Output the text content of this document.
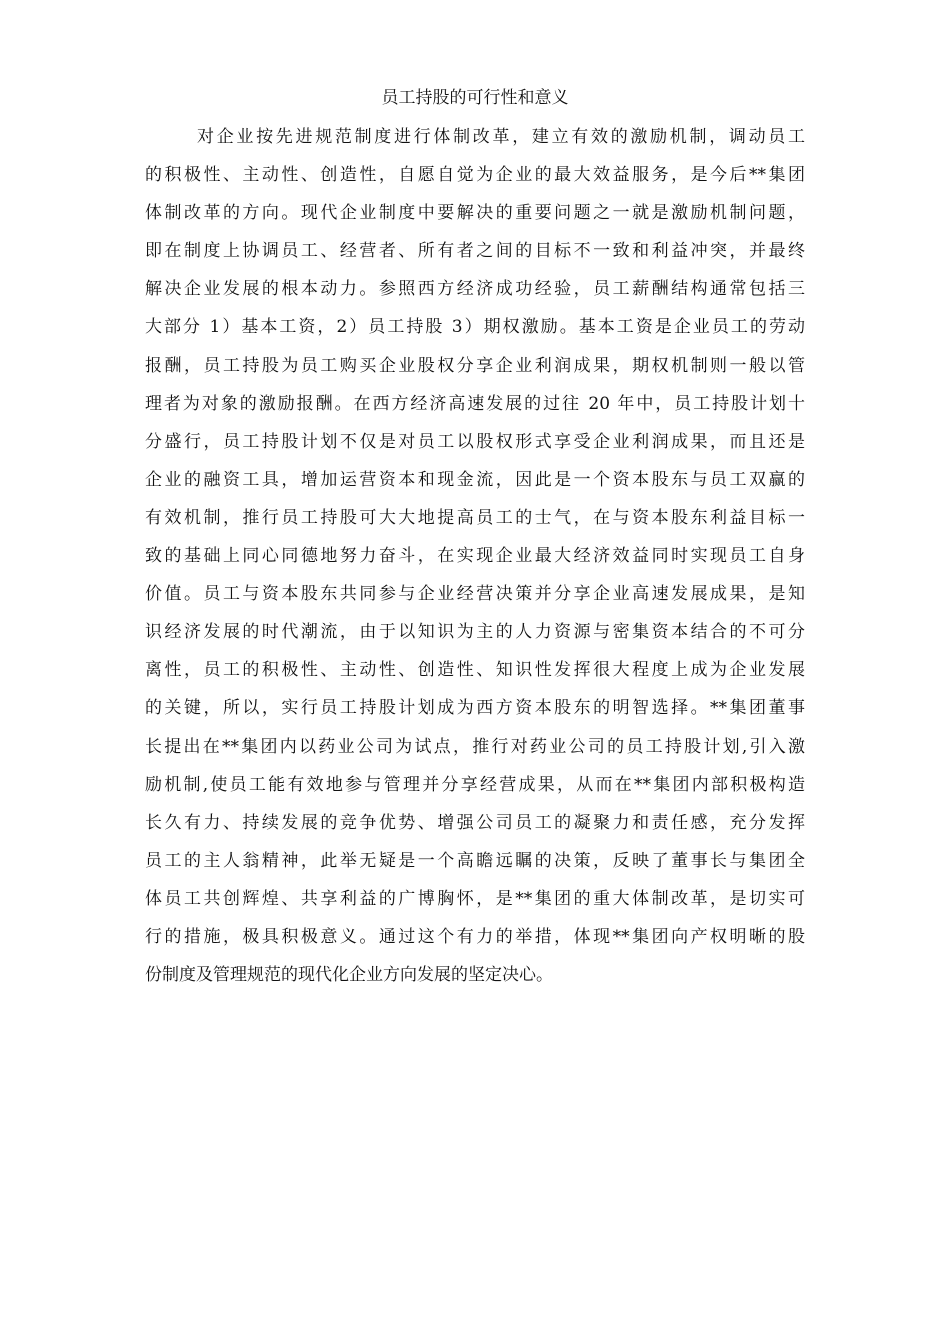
员工持股的可行性和意义
对企业按先进规范制度进行体制改革，建立有效的激励机制，调动员工
的积极性、主动性、创造性，自愿自觉为企业的最大效益服务，是今后**集团
体制改革的方向。现代企业制度中要解决的重要问题之一就是激励机制问题，
即在制度上协调员工、经营者、所有者之间的目标不一致和利益冲突，并最终
解决企业发展的根本动力。参照西方经济成功经验，员工薪酬结构通常包括三
大部分 1）基本工资，2）员工持股 3）期权激励。基本工资是企业员工的劳动
报酬，员工持股为员工购买企业股权分享企业利润成果，期权机制则一般以管
理者为对象的激励报酬。在西方经济高速发展的过往 20 年中，员工持股计划十
分盛行，员工持股计划不仅是对员工以股权形式享受企业利润成果，而且还是
企业的融资工具，增加运营资本和现金流，因此是一个资本股东与员工双赢的
有效机制，推行员工持股可大大地提高员工的士气，在与资本股东利益目标一
致的基础上同心同德地努力奋斗，在实现企业最大经济效益同时实现员工自身
价值。员工与资本股东共同参与企业经营决策并分享企业高速发展成果，是知
识经济发展的时代潮流，由于以知识为主的人力资源与密集资本结合的不可分
离性，员工的积极性、主动性、创造性、知识性发挥很大程度上成为企业发展
的关键，所以，实行员工持股计划成为西方资本股东的明智选择。**集团董事
长提出在**集团内以药业公司为试点，推行对药业公司的员工持股计划,引入激
励机制,使员工能有效地参与管理并分享经营成果，从而在**集团内部积极构造
长久有力、持续发展的竞争优势、增强公司员工的凝聚力和责任感，充分发挥
员工的主人翁精神，此举无疑是一个高瞻远瞩的决策，反映了董事长与集团全
体员工共创辉煌、共享利益的广博胸怀，是**集团的重大体制改革，是切实可
行的措施，极具积极意义。通过这个有力的举措，体现**集团向产权明晰的股
份制度及管理规范的现代化企业方向发展的坚定决心。
